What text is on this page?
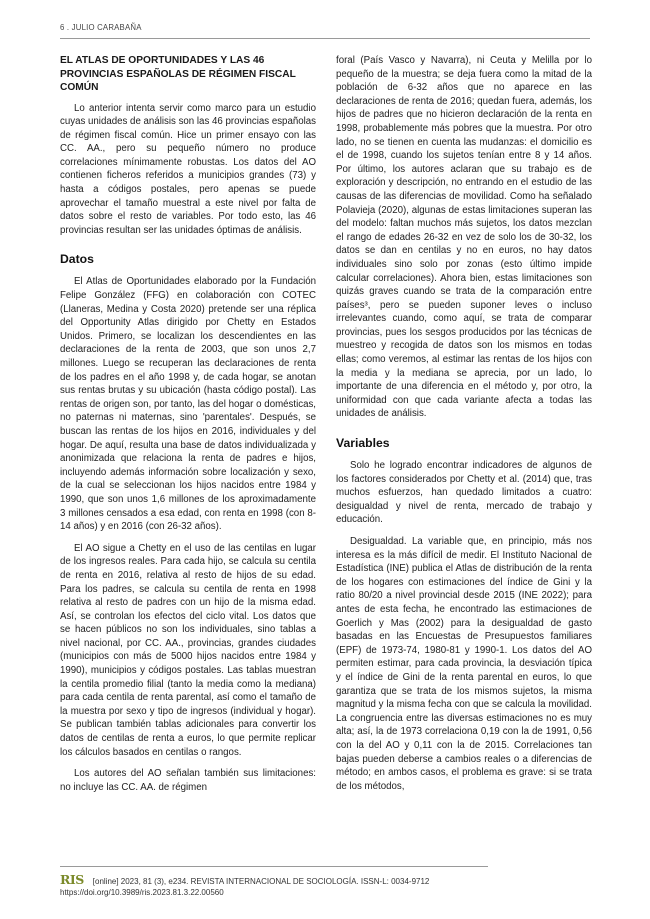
6 . JULIO CARABAÑA
EL ATLAS DE OPORTUNIDADES Y LAS 46 PROVINCIAS ESPAÑOLAS DE RÉGIMEN FISCAL COMÚN

Lo anterior intenta servir como marco para un estudio cuyas unidades de análisis son las 46 provincias españolas de régimen fiscal común. Hice un primer ensayo con las CC. AA., pero su pequeño número no produce correlaciones mínimamente robustas. Los datos del AO contienen ficheros referidos a municipios grandes (73) y hasta a códigos postales, pero apenas se puede aprovechar el tamaño muestral a este nivel por falta de datos sobre el resto de variables. Por todo esto, las 46 provincias resultan ser las unidades óptimas de análisis.

Datos

El Atlas de Oportunidades elaborado por la Fundación Felipe González (FFG) en colaboración con COTEC (Llaneras, Medina y Costa 2020) pretende ser una réplica del Opportunity Atlas dirigido por Chetty en Estados Unidos. Primero, se localizan los descendientes en las declaraciones de la renta de 2003, que son unos 2,7 millones. Luego se recuperan las declaraciones de renta de los padres en el año 1998 y, de cada hogar, se anotan sus rentas brutas y su ubicación (hasta código postal). Las rentas de origen son, por tanto, las del hogar o domésticas, no paternas ni maternas, sino 'parentales'. Después, se buscan las rentas de los hijos en 2016, individuales y del hogar. De aquí, resulta una base de datos individualizada y anonimizada que relaciona la renta de padres e hijos, incluyendo además información sobre localización y sexo, de la cual se seleccionan los hijos nacidos entre 1984 y 1990, que son unos 1,6 millones de los aproximadamente 3 millones censados a esa edad, con renta en 1998 (con 8-14 años) y en 2016 (con 26-32 años).

El AO sigue a Chetty en el uso de las centilas en lugar de los ingresos reales. Para cada hijo, se calcula su centila de renta en 2016, relativa al resto de hijos de su edad. Para los padres, se calcula su centila de renta en 1998 relativa al resto de padres con un hijo de la misma edad. Así, se controlan los efectos del ciclo vital. Los datos que se hacen públicos no son los individuales, sino tablas a nivel nacional, por CC. AA., provincias, grandes ciudades (municipios con más de 5000 hijos nacidos entre 1984 y 1990), municipios y códigos postales. Las tablas muestran la centila promedio filial (tanto la media como la mediana) para cada centila de renta parental, así como el tamaño de la muestra por sexo y tipo de ingresos (individual y hogar). Se publican también tablas adicionales para convertir los datos de centilas de renta a euros, lo que permite replicar los cálculos basados en centilas o rangos.

Los autores del AO señalan también sus limitaciones: no incluye las CC. AA. de régimen

foral (País Vasco y Navarra), ni Ceuta y Melilla por lo pequeño de la muestra; se deja fuera como la mitad de la población de 6-32 años que no aparece en las declaraciones de renta de 2016; quedan fuera, además, los hijos de padres que no hicieron declaración de la renta en 1998, probablemente más pobres que la muestra. Por otro lado, no se tienen en cuenta las mudanzas: el domicilio es el de 1998, cuando los sujetos tenían entre 8 y 14 años. Por último, los autores aclaran que su trabajo es de exploración y descripción, no entrando en el estudio de las causas de las diferencias de movilidad. Como ha señalado Polavieja (2020), algunas de estas limitaciones superan las del modelo: faltan muchos más sujetos, los datos mezclan el rango de edades 26-32 en vez de solo los de 30-32, los datos se dan en centilas y no en euros, no hay datos individuales sino solo por zonas (esto último impide calcular correlaciones). Ahora bien, estas limitaciones son quizás graves cuando se trata de la comparación entre países³, pero se pueden suponer leves o incluso irrelevantes cuando, como aquí, se trata de comparar provincias, pues los sesgos producidos por las técnicas de muestreo y recogida de datos son los mismos en todas ellas; como veremos, al estimar las rentas de los hijos con la media y la mediana se aprecia, por un lado, lo importante de una diferencia en el método y, por otro, la uniformidad con que cada variante afecta a todas las unidades de análisis.

Variables

Solo he logrado encontrar indicadores de algunos de los factores considerados por Chetty et al. (2014) que, tras muchos esfuerzos, han quedado limitados a cuatro: desigualdad y nivel de renta, mercado de trabajo y educación.

Desigualdad. La variable que, en principio, más nos interesa es la más difícil de medir. El Instituto Nacional de Estadística (INE) publica el Atlas de distribución de la renta de los hogares con estimaciones del índice de Gini y la ratio 80/20 a nivel provincial desde 2015 (INE 2022); para antes de esta fecha, he encontrado las estimaciones de Goerlich y Mas (2002) para la desigualdad de gasto basadas en las Encuestas de Presupuestos familiares (EPF) de 1973-74, 1980-81 y 1990-1. Los datos del AO permiten estimar, para cada provincia, la desviación típica y el índice de Gini de la renta parental en euros, lo que garantiza que se trata de los mismos sujetos, la misma magnitud y la misma fecha con que se calcula la movilidad. La congruencia entre las diversas estimaciones no es muy alta; así, la de 1973 correlaciona 0,19 con la de 1991, 0,56 con la del AO y 0,11 con la de 2015. Correlaciones tan bajas pueden deberse a cambios reales o a diferencias de método; en ambos casos, el problema es grave: si se trata de los métodos,

RIS [online] 2023, 81 (3), e234. REVISTA INTERNACIONAL DE SOCIOLOGÍA. ISSN-L: 0034-9712
https://doi.org/10.3989/ris.2023.81.3.22.00560
